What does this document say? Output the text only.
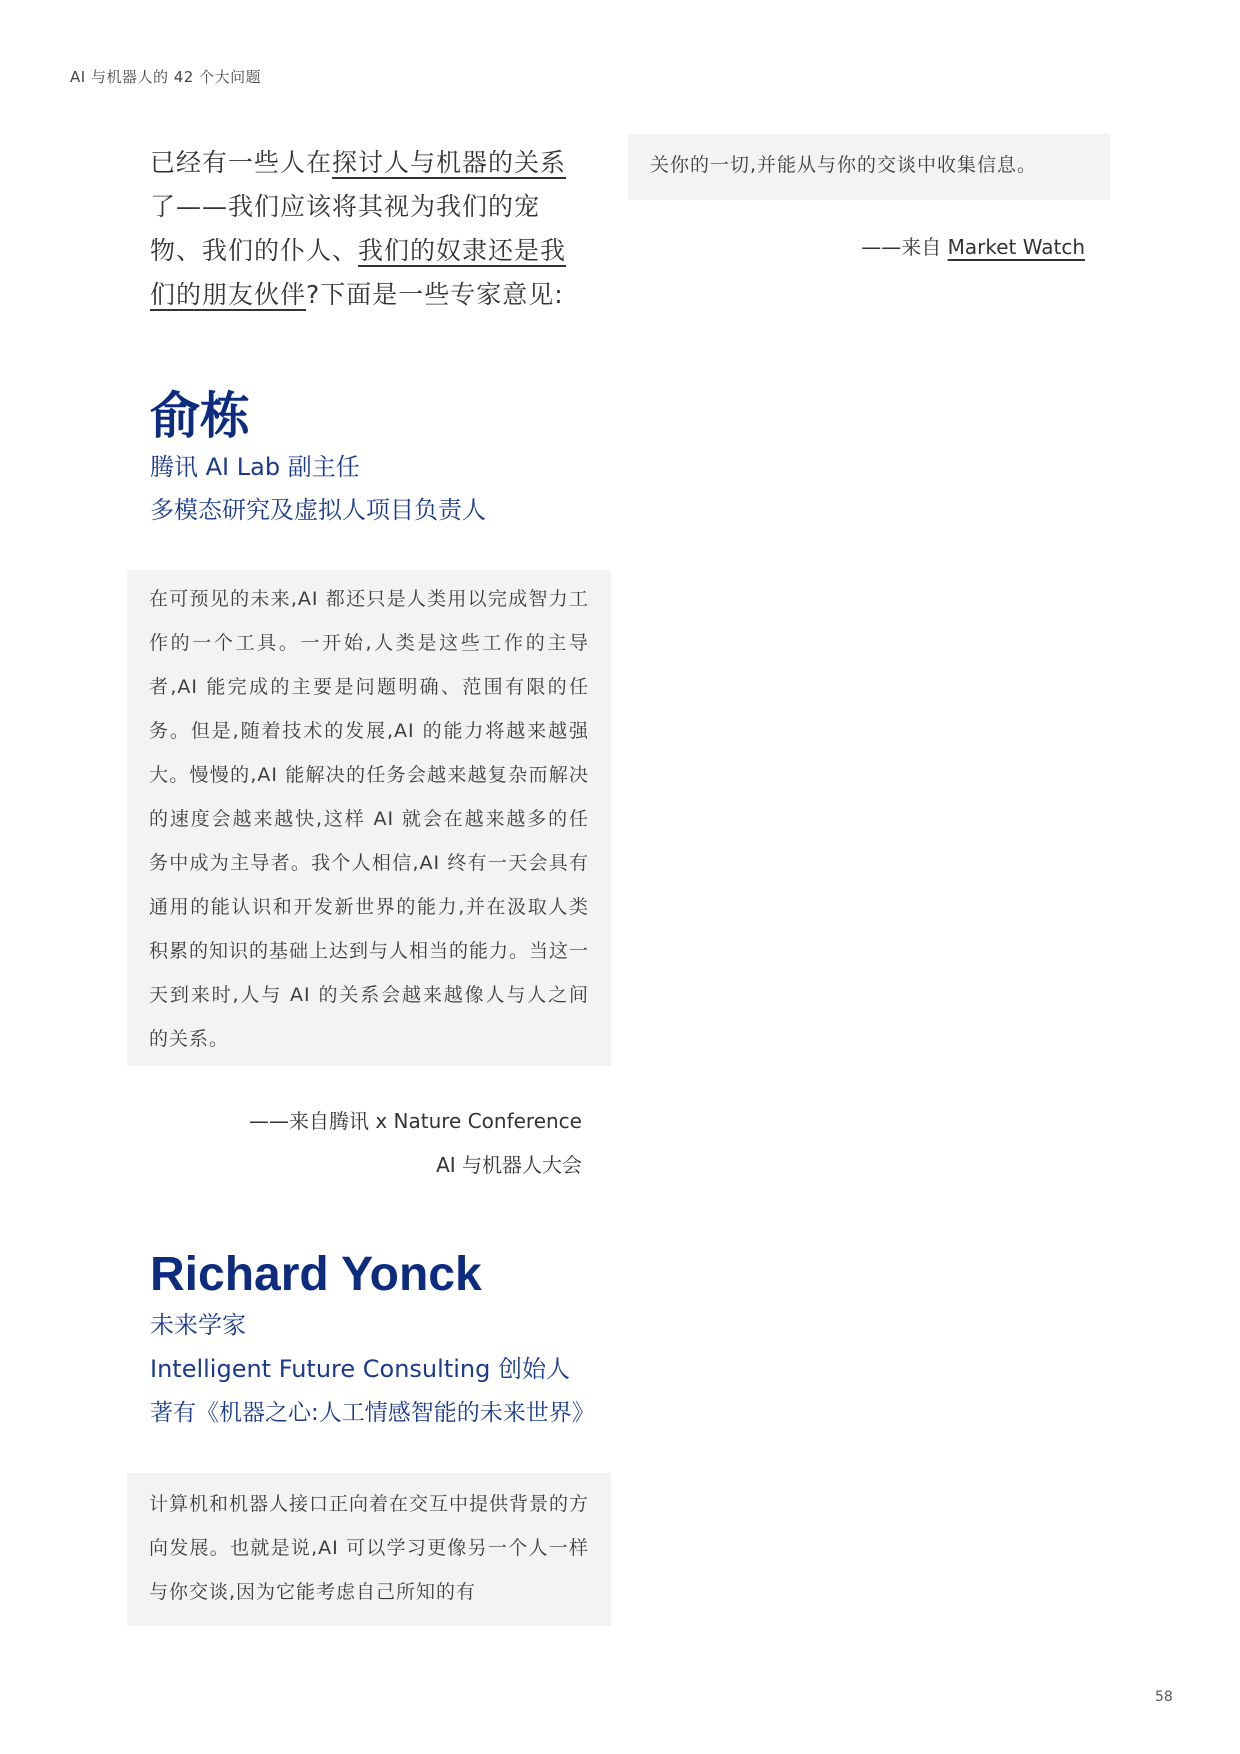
AI 与机器人的 42 个大问题
已经有一些人在探讨人与机器的关系了——我们应该将其视为我们的宠物、我们的仆人、我们的奴隶还是我们的朋友伙伴?下面是一些专家意见:
关你的一切,并能从与你的交谈中收集信息。
——来自 Market Watch
俞栋
腾讯 AI Lab 副主任
多模态研究及虚拟人项目负责人
在可预见的未来,AI 都还只是人类用以完成智力工作的一个工具。一开始,人类是这些工作的主导者,AI 能完成的主要是问题明确、范围有限的任务。但是,随着技术的发展,AI 的能力将越来越强大。慢慢的,AI 能解决的任务会越来越复杂而解决的速度会越来越快,这样 AI 就会在越来越多的任务中成为主导者。我个人相信,AI 终有一天会具有通用的能认识和开发新世界的能力,并在汲取人类积累的知识的基础上达到与人相当的能力。当这一天到来时,人与 AI 的关系会越来越像人与人之间的关系。
——来自腾讯 x Nature Conference
AI 与机器人大会
Richard Yonck
未来学家
Intelligent Future Consulting 创始人
著有《机器之心:人工情感智能的未来世界》
计算机和机器人接口正向着在交互中提供背景的方向发展。也就是说,AI 可以学习更像另一个人一样与你交谈,因为它能考虑自己所知的有
58
